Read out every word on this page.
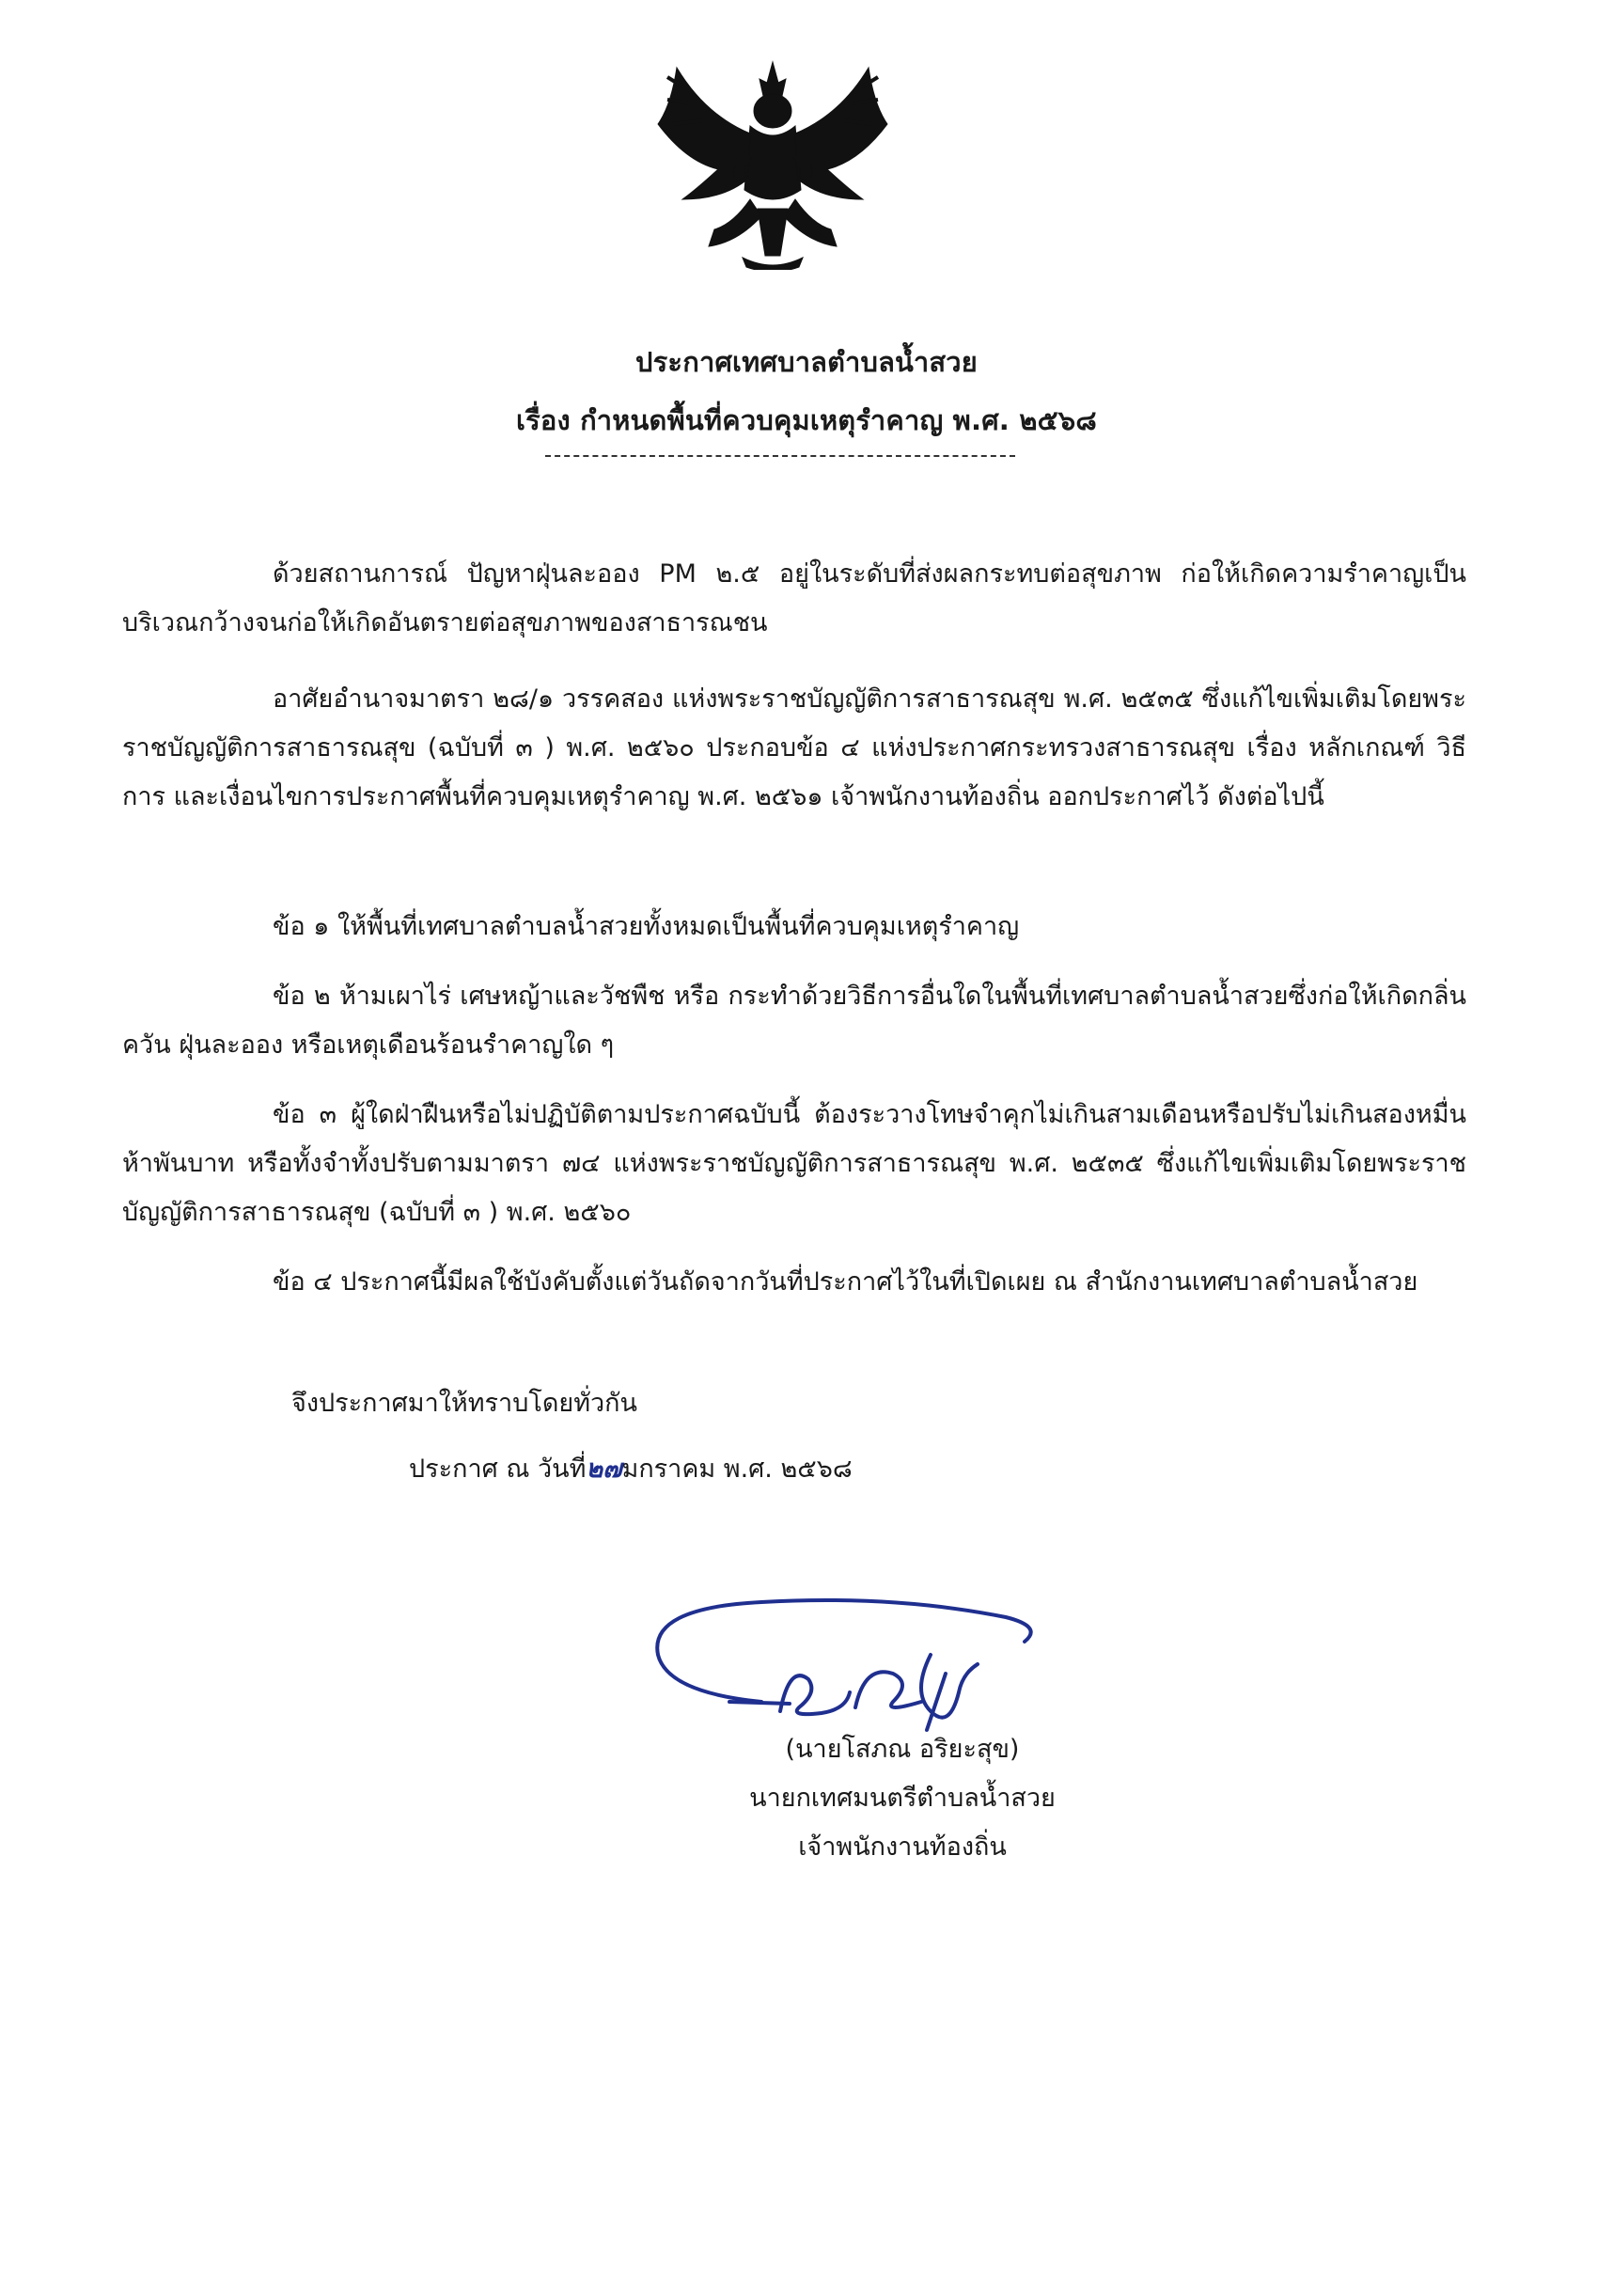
ประกาศเทศบาลตำบลน้ำสวย
เรื่อง กำหนดพื้นที่ควบคุมเหตุรำคาญ พ.ศ. ๒๕๖๘

ด้วยสถานการณ์ ปัญหาฝุ่นละออง PM ๒.๕ อยู่ในระดับที่ส่งผลกระทบต่อสุขภาพ ก่อให้เกิดความรำคาญเป็นบริเวณกว้างจนก่อให้เกิดอันตรายต่อสุขภาพของสาธารณชน

อาศัยอำนาจมาตรา ๒๘/๑ วรรคสอง แห่งพระราชบัญญัติการสาธารณสุข พ.ศ. ๒๕๓๕ ซึ่งแก้ไขเพิ่มเติมโดยพระราชบัญญัติการสาธารณสุข (ฉบับที่ ๓ ) พ.ศ. ๒๕๖๐ ประกอบข้อ ๔ แห่งประกาศกระทรวงสาธารณสุข เรื่อง หลักเกณฑ์ วิธีการ และเงื่อนไขการประกาศพื้นที่ควบคุมเหตุรำคาญ พ.ศ. ๒๕๖๑ เจ้าพนักงานท้องถิ่น ออกประกาศไว้ ดังต่อไปนี้

ข้อ ๑ ให้พื้นที่เทศบาลตำบลน้ำสวยทั้งหมดเป็นพื้นที่ควบคุมเหตุรำคาญ

ข้อ ๒ ห้ามเผาไร่ เศษหญ้าและวัชพืช หรือ กระทำด้วยวิธีการอื่นใดในพื้นที่เทศบาลตำบลน้ำสวยซึ่งก่อให้เกิดกลิ่น ควัน ฝุ่นละออง หรือเหตุเดือนร้อนรำคาญใด ๆ

ข้อ ๓ ผู้ใดฝ่าฝืนหรือไม่ปฏิบัติตามประกาศฉบับนี้ ต้องระวางโทษจำคุกไม่เกินสามเดือนหรือปรับไม่เกินสองหมื่นห้าพันบาท หรือทั้งจำทั้งปรับตามมาตรา ๗๔ แห่งพระราชบัญญัติการสาธารณสุข พ.ศ. ๒๕๓๕ ซึ่งแก้ไขเพิ่มเติมโดยพระราชบัญญัติการสาธารณสุข (ฉบับที่ ๓ ) พ.ศ. ๒๕๖๐

ข้อ ๔ ประกาศนี้มีผลใช้บังคับตั้งแต่วันถัดจากวันที่ประกาศไว้ในที่เปิดเผย ณ สำนักงานเทศบาลตำบลน้ำสวย

จึงประกาศมาให้ทราบโดยทั่วกัน
ประกาศ ณ วันที่๒๗มกราคม พ.ศ. ๒๕๖๘
(นายโสภณ อริยะสุข)
นายกเทศมนตรีตำบลน้ำสวย
เจ้าพนักงานท้องถิ่น
